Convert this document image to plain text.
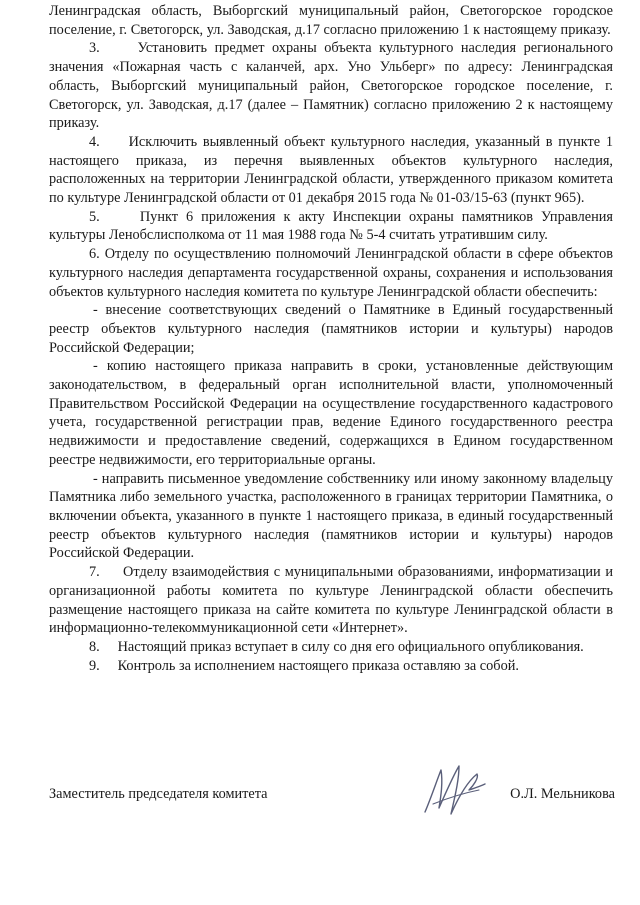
Ленинградская область, Выборгский муниципальный район, Светогорское городское поселение, г. Светогорск, ул. Заводская, д.17 согласно приложению 1 к настоящему приказу.

3.     Установить предмет охраны объекта культурного наследия регионального значения «Пожарная часть с каланчей, арх. Уно Ульберг» по адресу: Ленинградская область, Выборгский муниципальный район, Светогорское городское поселение, г. Светогорск, ул. Заводская, д.17 (далее – Памятник) согласно приложению 2 к настоящему приказу.

4.     Исключить выявленный объект культурного наследия, указанный в пункте 1 настоящего приказа, из перечня выявленных объектов культурного наследия, расположенных на территории Ленинградской области, утвержденного приказом комитета по культуре Ленинградской области от 01 декабря 2015 года № 01-03/15-63 (пункт 965).

5.     Пункт 6 приложения к акту Инспекции охраны памятников Управления культуры Ленобслисполкома от 11 мая 1988 года № 5-4 считать утратившим силу.

6. Отделу по осуществлению полномочий Ленинградской области в сфере объектов культурного наследия департамента государственной охраны, сохранения и использования объектов культурного наследия комитета по культуре Ленинградской области обеспечить:

- внесение соответствующих сведений о Памятнике в Единый государственный реестр объектов культурного наследия (памятников истории и культуры) народов Российской Федерации;

- копию настоящего приказа направить в сроки, установленные действующим законодательством, в федеральный орган исполнительной власти, уполномоченный Правительством Российской Федерации на осуществление государственного кадастрового учета, государственной регистрации прав, ведение Единого государственного реестра недвижимости и предоставление сведений, содержащихся в Едином государственном реестре недвижимости, его территориальные органы.

- направить письменное уведомление собственнику или иному законному владельцу Памятника либо земельного участка, расположенного в границах территории Памятника, о включении объекта, указанного в пункте 1 настоящего приказа, в единый государственный реестр объектов культурного наследия (памятников истории и культуры) народов Российской Федерации.

7.     Отделу взаимодействия с муниципальными образованиями, информатизации и организационной работы комитета по культуре Ленинградской области обеспечить размещение настоящего приказа на сайте комитета по культуре Ленинградской области в информационно-телекоммуникационной сети «Интернет».

8.     Настоящий приказ вступает в силу со дня его официального опубликования.

9.     Контроль за исполнением настоящего приказа оставляю за собой.

Заместитель председателя комитета	О.Л. Мельникова
